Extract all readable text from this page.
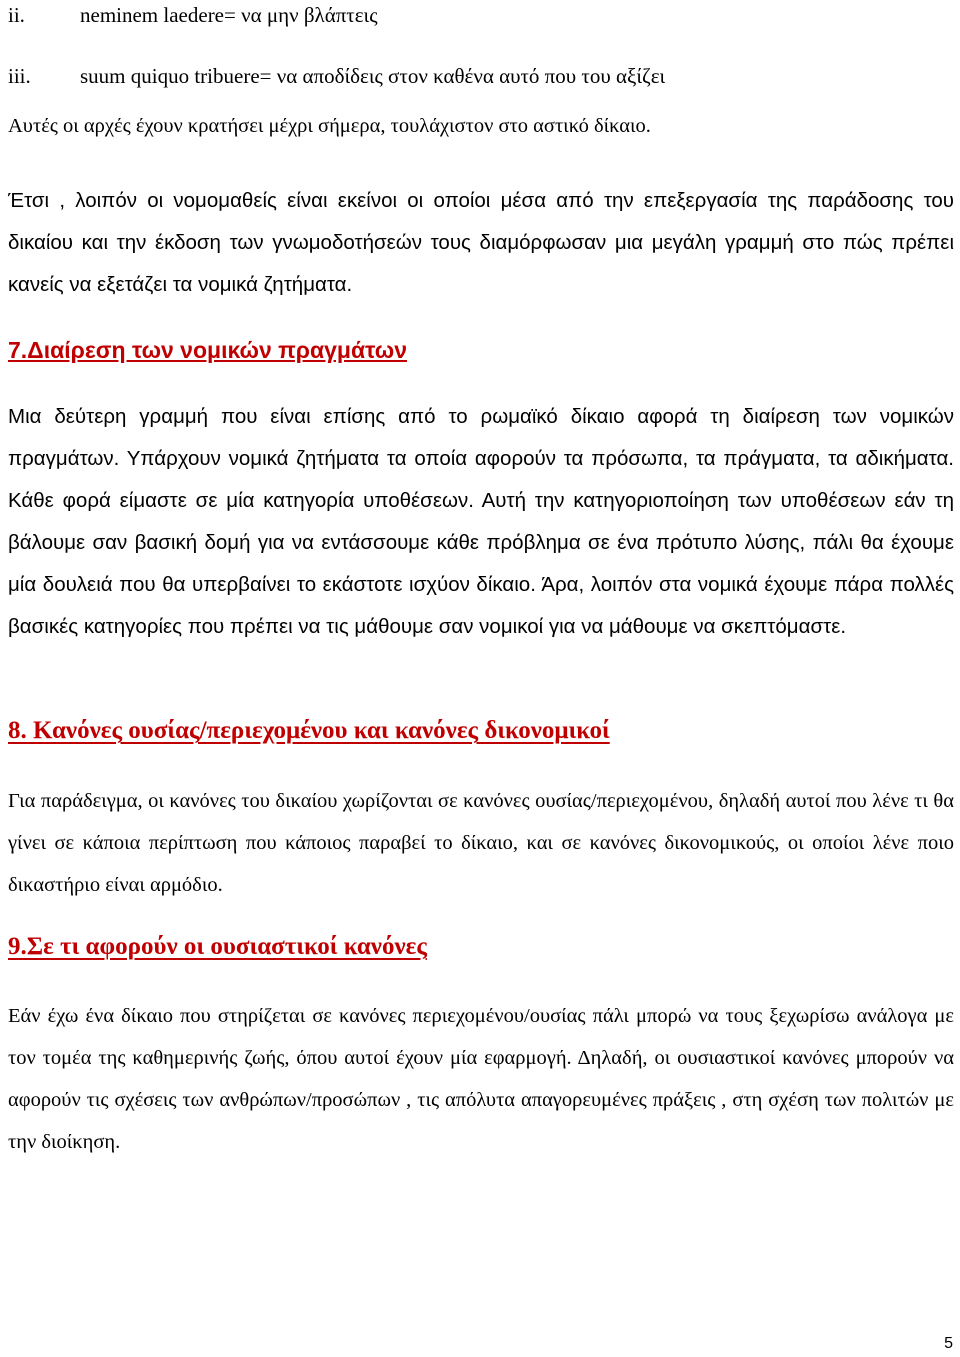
ii.	neminem laedere= να μην βλάπτεις
iii. suum quiquo tribuere= να αποδίδεις στον καθένα αυτό που του αξίζει

Αυτές οι αρχές έχουν κρατήσει μέχρι σήμερα, τουλάχιστον στο αστικό δίκαιο.

Έτσι , λοιπόν οι νομομαθείς είναι εκείνοι οι οποίοι μέσα από την επεξεργασία της παράδοσης του δικαίου και την έκδοση των γνωμοδοτήσεών τους διαμόρφωσαν μια μεγάλη γραμμή στο πώς πρέπει κανείς να εξετάζει τα νομικά ζητήματα.

7.Διαίρεση των νομικών πραγμάτων

Μια δεύτερη γραμμή που είναι επίσης από το ρωμαϊκό δίκαιο αφορά τη διαίρεση των νομικών πραγμάτων. Υπάρχουν νομικά ζητήματα τα οποία αφορούν τα πρόσωπα, τα πράγματα, τα αδικήματα. Κάθε φορά είμαστε σε μία κατηγορία υποθέσεων. Αυτή την κατηγοριοποίηση των υποθέσεων εάν τη βάλουμε σαν βασική δομή για να εντάσσουμε κάθε πρόβλημα σε ένα πρότυπο λύσης, πάλι θα έχουμε μία δουλειά που θα υπερβαίνει το εκάστοτε ισχύον δίκαιο. Άρα, λοιπόν στα νομικά έχουμε πάρα πολλές βασικές κατηγορίες που πρέπει να τις μάθουμε σαν νομικοί για να μάθουμε να σκεπτόμαστε.

8. Κανόνες ουσίας/περιεχομένου και κανόνες δικονομικοί

Για παράδειγμα, οι κανόνες του δικαίου χωρίζονται σε κανόνες ουσίας/περιεχομένου, δηλαδή αυτοί που λένε τι θα γίνει σε κάποια περίπτωση που κάποιος παραβεί το δίκαιο, και σε κανόνες δικονομικούς, οι οποίοι λένε ποιο δικαστήριο είναι αρμόδιο.

9.Σε τι αφορούν οι ουσιαστικοί κανόνες

Εάν έχω ένα δίκαιο που στηρίζεται σε κανόνες περιεχομένου/ουσίας πάλι μπορώ να τους ξεχωρίσω ανάλογα με τον τομέα της καθημερινής ζωής, όπου αυτοί έχουν μία εφαρμογή. Δηλαδή, οι ουσιαστικοί κανόνες μπορούν να αφορούν τις σχέσεις των ανθρώπων/προσώπων , τις απόλυτα απαγορευμένες πράξεις , στη σχέση των πολιτών με την διοίκηση.

5
